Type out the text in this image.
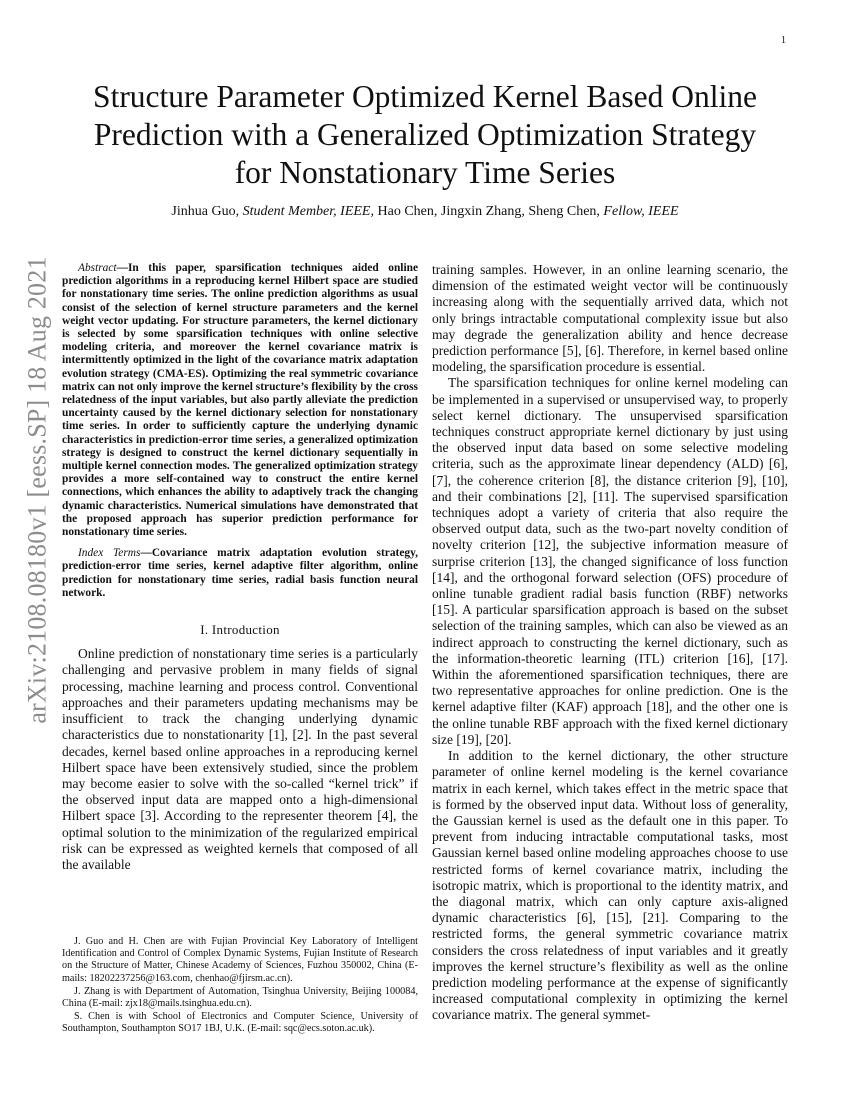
1
arXiv:2108.08180v1 [eess.SP] 18 Aug 2021
Structure Parameter Optimized Kernel Based Online
Prediction with a Generalized Optimization Strategy
for Nonstationary Time Series
Jinhua Guo, Student Member, IEEE, Hao Chen, Jingxin Zhang, Sheng Chen, Fellow, IEEE

Abstract—In this paper, sparsification techniques aided online prediction algorithms in a reproducing kernel Hilbert space are studied for nonstationary time series. The online prediction algorithms as usual consist of the selection of kernel structure parameters and the kernel weight vector updating. For structure parameters, the kernel dictionary is selected by some sparsification techniques with online selective modeling criteria, and moreover the kernel covariance matrix is intermittently optimized in the light of the covariance matrix adaptation evolution strategy (CMA-ES). Optimizing the real symmetric covariance matrix can not only improve the kernel structure’s flexibility by the cross relatedness of the input variables, but also partly alleviate the prediction uncertainty caused by the kernel dictionary selection for nonstationary time series. In order to sufficiently capture the underlying dynamic characteristics in prediction-error time series, a generalized optimization strategy is designed to construct the kernel dictionary sequentially in multiple kernel connection modes. The generalized optimization strategy provides a more self-contained way to construct the entire kernel connections, which enhances the ability to adaptively track the changing dynamic characteristics. Numerical simulations have demonstrated that the proposed approach has superior prediction performance for nonstationary time series.

Index Terms—Covariance matrix adaptation evolution strategy, prediction-error time series, kernel adaptive filter algorithm, online prediction for nonstationary time series, radial basis function neural network.

I. Introduction

Online prediction of nonstationary time series is a particularly challenging and pervasive problem in many fields of signal processing, machine learning and process control. Conventional approaches and their parameters updating mechanisms may be insufficient to track the changing underlying dynamic characteristics due to nonstationarity [1], [2]. In the past several decades, kernel based online approaches in a reproducing kernel Hilbert space have been extensively studied, since the problem may become easier to solve with the so-called “kernel trick” if the observed input data are mapped onto a high-dimensional Hilbert space [3]. According to the representer theorem [4], the optimal solution to the minimization of the regularized empirical risk can be expressed as weighted kernels that composed of all the available

J. Guo and H. Chen are with Fujian Provincial Key Laboratory of Intelligent Identification and Control of Complex Dynamic Systems, Fujian Institute of Research on the Structure of Matter, Chinese Academy of Sciences, Fuzhou 350002, China (E-mails: 18202237256@163.com, chenhao@fjirsm.ac.cn).

J. Zhang is with Department of Automation, Tsinghua University, Beijing 100084, China (E-mail: zjx18@mails.tsinghua.edu.cn).

S. Chen is with School of Electronics and Computer Science, University of Southampton, Southampton SO17 1BJ, U.K. (E-mail: sqc@ecs.soton.ac.uk).

training samples. However, in an online learning scenario, the dimension of the estimated weight vector will be continuously increasing along with the sequentially arrived data, which not only brings intractable computational complexity issue but also may degrade the generalization ability and hence decrease prediction performance [5], [6]. Therefore, in kernel based online modeling, the sparsification procedure is essential.

The sparsification techniques for online kernel modeling can be implemented in a supervised or unsupervised way, to properly select kernel dictionary. The unsupervised sparsification techniques construct appropriate kernel dictionary by just using the observed input data based on some selective modeling criteria, such as the approximate linear dependency (ALD) [6], [7], the coherence criterion [8], the distance criterion [9], [10], and their combinations [2], [11]. The supervised sparsification techniques adopt a variety of criteria that also require the observed output data, such as the two-part novelty condition of novelty criterion [12], the subjective information measure of surprise criterion [13], the changed significance of loss function [14], and the orthogonal forward selection (OFS) procedure of online tunable gradient radial basis function (RBF) networks [15]. A particular sparsification approach is based on the subset selection of the training samples, which can also be viewed as an indirect approach to constructing the kernel dictionary, such as the information-theoretic learning (ITL) criterion [16], [17]. Within the aforementioned sparsification techniques, there are two representative approaches for online prediction. One is the kernel adaptive filter (KAF) approach [18], and the other one is the online tunable RBF approach with the fixed kernel dictionary size [19], [20].

In addition to the kernel dictionary, the other structure parameter of online kernel modeling is the kernel covariance matrix in each kernel, which takes effect in the metric space that is formed by the observed input data. Without loss of generality, the Gaussian kernel is used as the default one in this paper. To prevent from inducing intractable computational tasks, most Gaussian kernel based online modeling approaches choose to use restricted forms of kernel covariance matrix, including the isotropic matrix, which is proportional to the identity matrix, and the diagonal matrix, which can only capture axis-aligned dynamic characteristics [6], [15], [21]. Comparing to the restricted forms, the general symmetric covariance matrix considers the cross relatedness of input variables and it greatly improves the kernel structure’s flexibility as well as the online prediction modeling performance at the expense of significantly increased computational complexity in optimizing the kernel covariance matrix. The general symmet-
